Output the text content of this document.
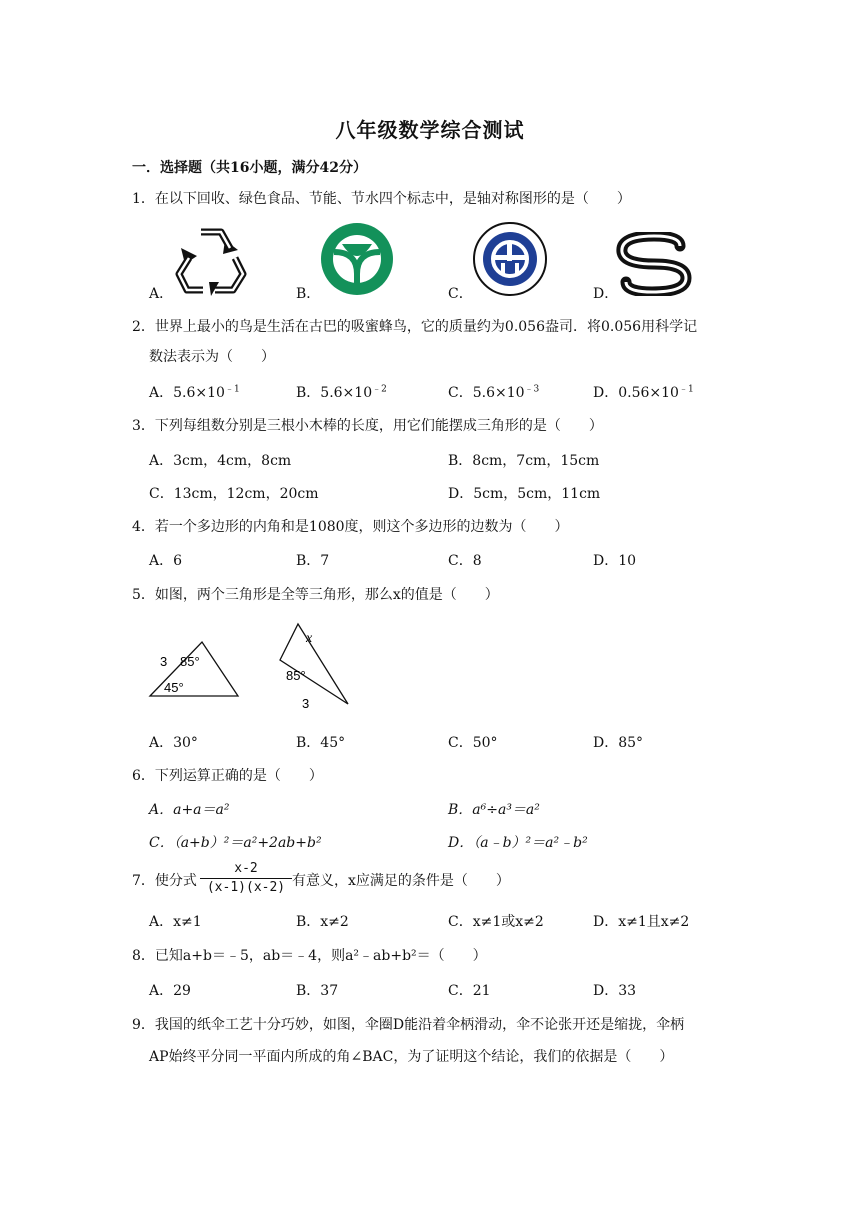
八年级数学综合测试
一．选择题（共16小题，满分42分）
1．在以下回收、绿色食品、节能、节水四个标志中，是轴对称图形的是（　　）
A．	B．	C．	D．
2．世界上最小的鸟是生活在古巴的吸蜜蜂鸟，它的质量约为0.056盎司．将0.056用科学记
数法表示为（　　）
A．$5.6\times 10^{﹣1}$	B．$5.6\times 10^{﹣2}$	C．$5.6\times 10^{﹣3}$	D．$0.56\times 10^{﹣1}$
3．下列每组数分别是三根小木棒的长度，用它们能摆成三角形的是（　　）
A．3cm，4cm，8cm	B．8cm，7cm，15cm
C．13cm，12cm，20cm	D．5cm，5cm，11cm
4．若一个多边形的内角和是1080度，则这个多边形的边数为（　　）
A．6	B．7	C．8	D．10
5．如图，两个三角形是全等三角形，那么x的值是（　　）
3 85°
45°
x
85°
3
A．30°	B．45°	C．50°	D．85°
6．下列运算正确的是（　　）
A．a+a＝a²	B．a⁶÷a³＝a²
C．（a+b）²＝a²+2ab+b²	D．（a﹣b）²＝a²﹣b²
7．使分式 $\frac{x-2}{(x-1)(x-2)}$ 有意义，x应满足的条件是（　　）
A．x≠1	B．x≠2	C．x≠1或x≠2	D．x≠1且x≠2
8．已知a+b＝﹣5，ab＝﹣4，则a²﹣ab+b²＝（　　）
A．29	B．37	C．21	D．33
9．我国的纸伞工艺十分巧妙，如图，伞圈D能沿着伞柄滑动，伞不论张开还是缩拢，伞柄
AP始终平分同一平面内所成的角∠BAC，为了证明这个结论，我们的依据是（　　）
